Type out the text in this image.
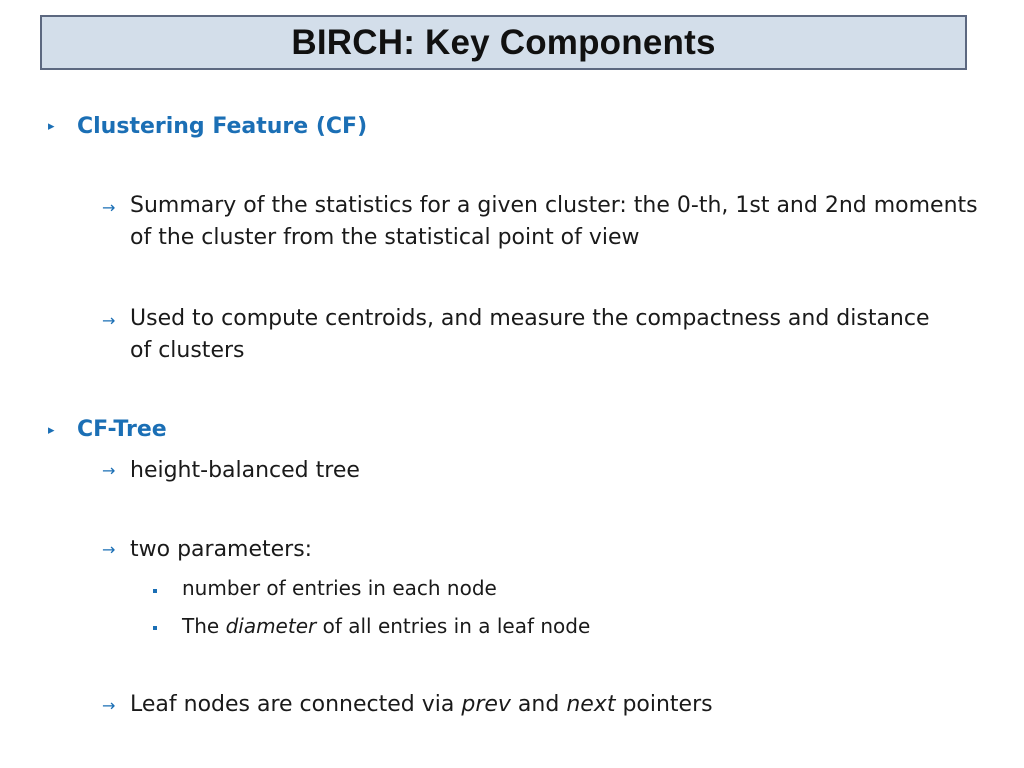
BIRCH: Key Components
▸ Clustering Feature (CF)
→ Summary of the statistics for a given cluster: the 0-th, 1st and 2nd moments of the cluster from the statistical point of view
→ Used to compute centroids, and measure the compactness and distance of clusters
▸ CF-Tree
→ height-balanced tree
→ two parameters:
number of entries in each node
The diameter of all entries in a leaf node
→ Leaf nodes are connected via prev and next pointers
